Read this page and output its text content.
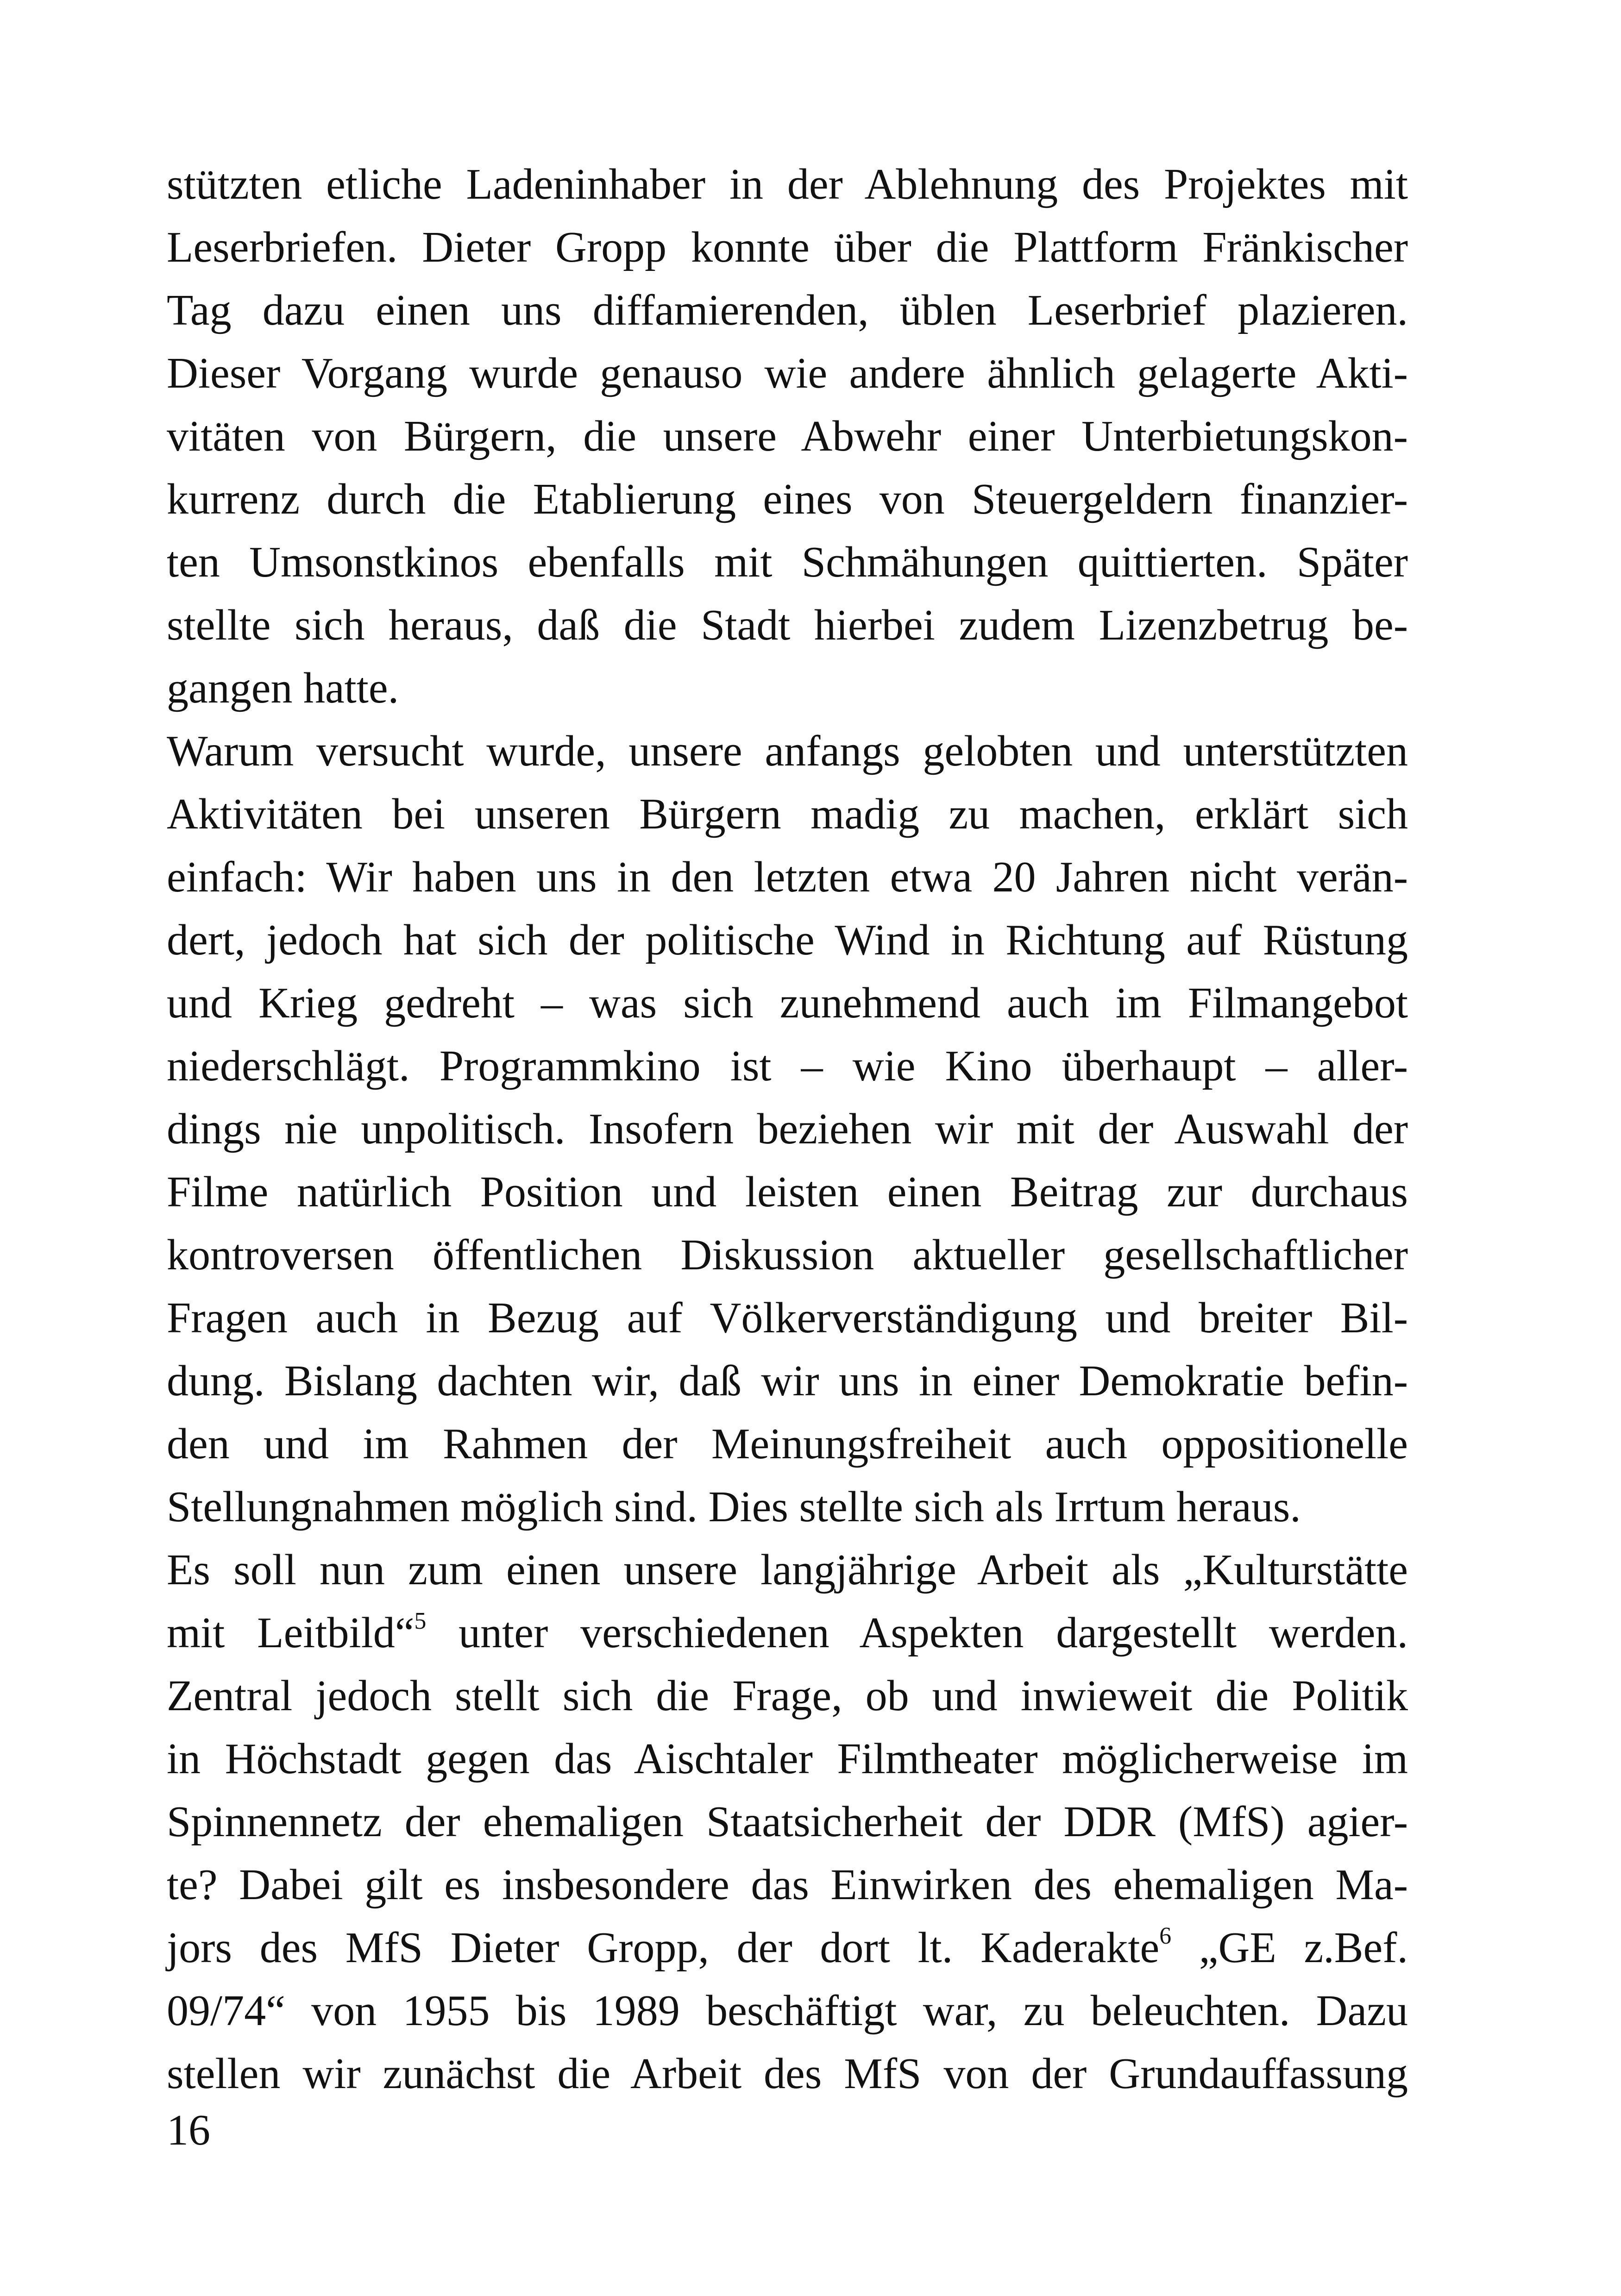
stützten etliche Ladeninhaber in der Ablehnung des Projektes mit
Leserbriefen. Dieter Gropp konnte über die Plattform Fränkischer
Tag dazu einen uns diffamierenden, üblen Leserbrief plazieren.
Dieser Vorgang wurde genauso wie andere ähnlich gelagerte Akti-
vitäten von Bürgern, die unsere Abwehr einer Unterbietungskon-
kurrenz durch die Etablierung eines von Steuergeldern finanzier-
ten Umsonstkinos ebenfalls mit Schmähungen quittierten. Später
stellte sich heraus, daß die Stadt hierbei zudem Lizenzbetrug be-
gangen hatte.

Warum versucht wurde, unsere anfangs gelobten und unterstützten
Aktivitäten bei unseren Bürgern madig zu machen, erklärt sich
einfach: Wir haben uns in den letzten etwa 20 Jahren nicht verän-
dert, jedoch hat sich der politische Wind in Richtung auf Rüstung
und Krieg gedreht – was sich zunehmend auch im Filmangebot
niederschlägt. Programmkino ist – wie Kino überhaupt – aller-
dings nie unpolitisch. Insofern beziehen wir mit der Auswahl der
Filme natürlich Position und leisten einen Beitrag zur durchaus
kontroversen öffentlichen Diskussion aktueller gesellschaftlicher
Fragen auch in Bezug auf Völkerverständigung und breiter Bil-
dung. Bislang dachten wir, daß wir uns in einer Demokratie befin-
den und im Rahmen der Meinungsfreiheit auch oppositionelle
Stellungnahmen möglich sind. Dies stellte sich als Irrtum heraus.

Es soll nun zum einen unsere langjährige Arbeit als „Kulturstätte
mit Leitbild“$^5$ unter verschiedenen Aspekten dargestellt werden.
Zentral jedoch stellt sich die Frage, ob und inwieweit die Politik
in Höchstadt gegen das Aischtaler Filmtheater möglicherweise im
Spinnennetz der ehemaligen Staatsicherheit der DDR (MfS) agier-
te? Dabei gilt es insbesondere das Einwirken des ehemaligen Ma-
jors des MfS Dieter Gropp, der dort lt. Kaderakte$^6$ „GE z.Bef.
09/74“ von 1955 bis 1989 beschäftigt war, zu beleuchten. Dazu
stellen wir zunächst die Arbeit des MfS von der Grundauffassung

16
